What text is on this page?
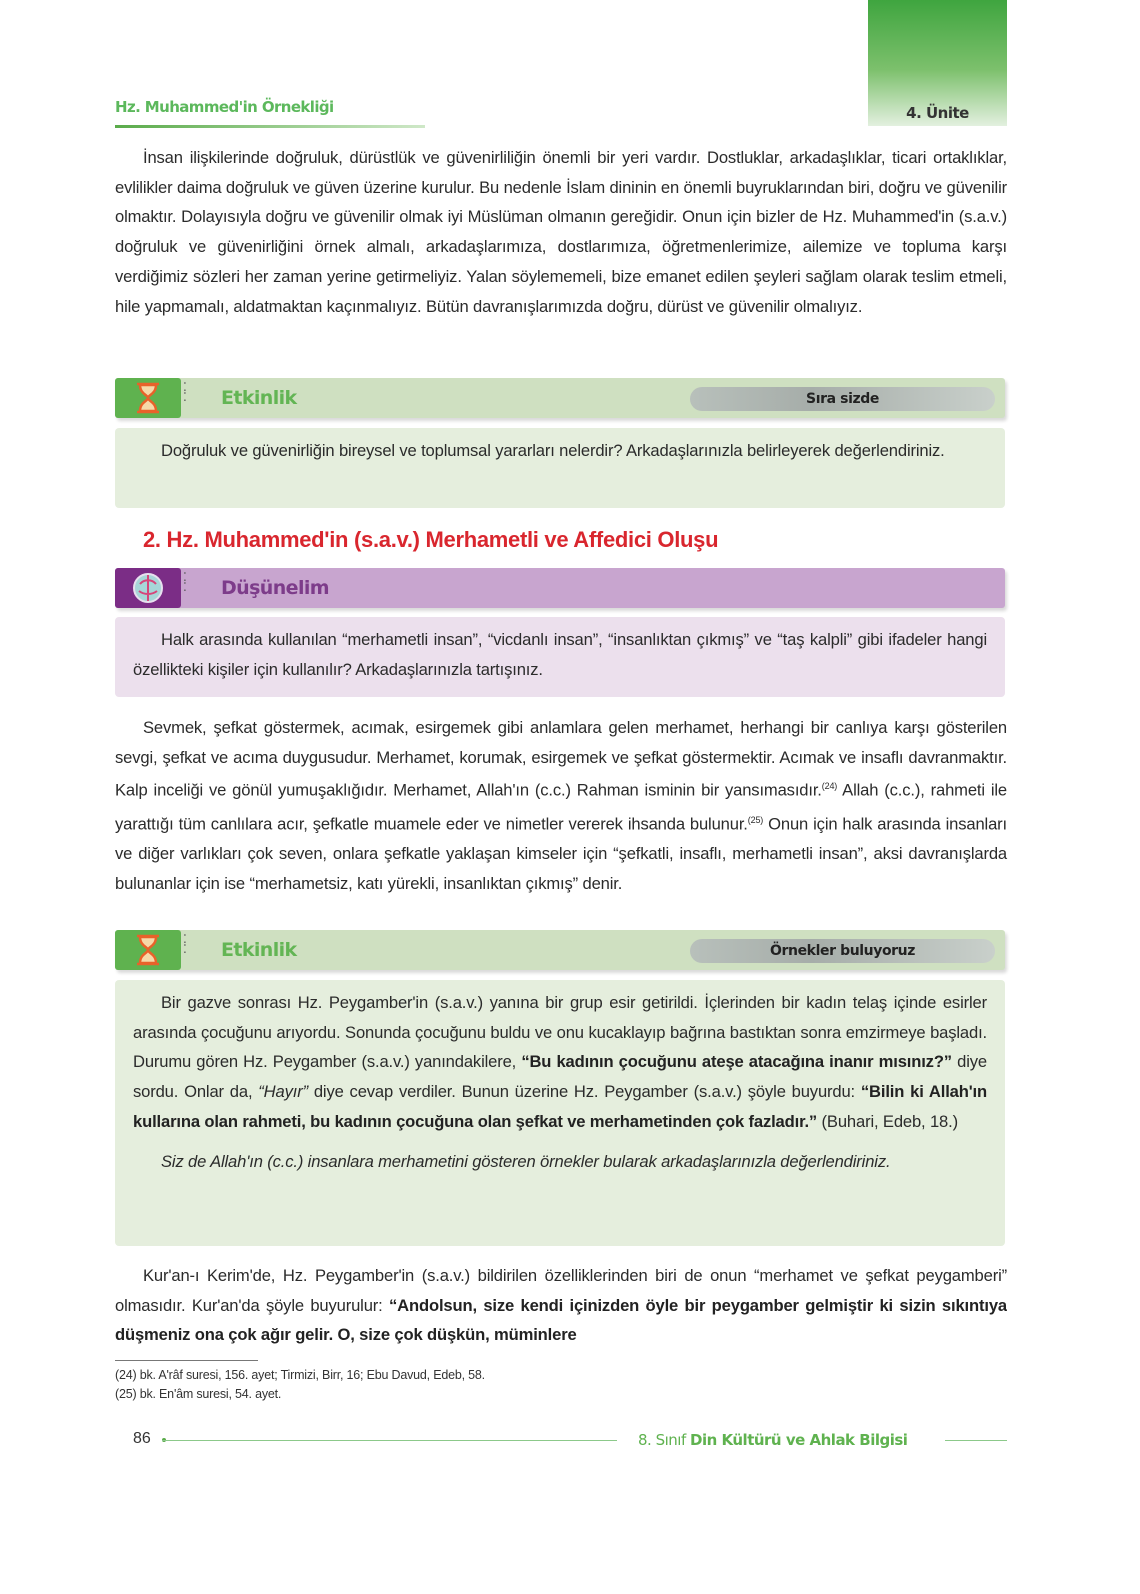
4. Ünite
Hz. Muhammed'in Örnekliği

İnsan ilişkilerinde doğruluk, dürüstlük ve güvenirliliğin önemli bir yeri vardır. Dostluklar, arkadaşlıklar, ticari ortaklıklar, evlilikler daima doğruluk ve güven üzerine kurulur. Bu nedenle İslam dininin en önemli buyruklarından biri, doğru ve güvenilir olmaktır. Dolayısıyla doğru ve güvenilir olmak iyi Müslüman olmanın gereğidir. Onun için bizler de Hz. Muhammed'in (s.a.v.) doğruluk ve güvenirliğini örnek almalı, arkadaşlarımıza, dostlarımıza, öğretmenlerimize, ailemize ve topluma karşı verdiğimiz sözleri her zaman yerine getirmeliyiz. Yalan söylememeli, bize emanet edilen şeyleri sağlam olarak teslim etmeli, hile yapmamalı, aldatmaktan kaçınmalıyız. Bütün davranışlarımızda doğru, dürüst ve güvenilir olmalıyız.

⁚
⁚ Etkinlik	Sıra sizde

Doğruluk ve güvenirliğin bireysel ve toplumsal yararları nelerdir? Arkadaşlarınızla belirleyerek değerlendiriniz.

2. Hz. Muhammed'in (s.a.v.) Merhametli ve Affedici Oluşu
⁚
⁚ Düşünelim

Halk arasında kullanılan “merhametli insan”, “vicdanlı insan”, “insanlıktan çıkmış” ve “taş kalpli” gibi ifadeler hangi özellikteki kişiler için kullanılır? Arkadaşlarınızla tartışınız.

Sevmek, şefkat göstermek, acımak, esirgemek gibi anlamlara gelen merhamet, herhangi bir canlıya karşı gösterilen sevgi, şefkat ve acıma duygusudur. Merhamet, korumak, esirgemek ve şefkat göstermektir. Acımak ve insaflı davranmaktır. Kalp inceliği ve gönül yumuşaklığıdır. Merhamet, Allah'ın (c.c.) Rahman isminin bir yansımasıdır.$^{(24)}$ Allah (c.c.), rahmeti ile yarattığı tüm canlılara acır, şefkatle muamele eder ve nimetler vererek ihsanda bulunur.$^{(25)}$ Onun için halk arasında insanları ve diğer varlıkları çok seven, onlara şefkatle yaklaşan kimseler için “şefkatli, insaflı, merhametli insan”, aksi davranışlarda bulunanlar için ise “merhametsiz, katı yürekli, insanlıktan çıkmış” denir.

⁚
⁚ Etkinlik	Örnekler buluyoruz

Bir gazve sonrası Hz. Peygamber'in (s.a.v.) yanına bir grup esir getirildi. İçlerinden bir kadın telaş içinde esirler arasında çocuğunu arıyordu. Sonunda çocuğunu buldu ve onu kucaklayıp bağrına bastıktan sonra emzirmeye başladı. Durumu gören Hz. Peygamber (s.a.v.) yanındakilere, “Bu kadının çocuğunu ateşe atacağına inanır mısınız?” diye sordu. Onlar da, “Hayır” diye cevap verdiler. Bunun üzerine Hz. Peygamber (s.a.v.) şöyle buyurdu: “Bilin ki Allah'ın kullarına olan rahmeti, bu kadının çocuğuna olan şefkat ve merhametinden çok fazladır.” (Buhari, Edeb, 18.)

Siz de Allah'ın (c.c.) insanlara merhametini gösteren örnekler bularak arkadaşlarınızla değerlendiriniz.

Kur'an-ı Kerim'de, Hz. Peygamber'in (s.a.v.) bildirilen özelliklerinden biri de onun “merhamet ve şefkat peygamberi” olmasıdır. Kur'an'da şöyle buyurulur: “Andolsun, size kendi içinizden öyle bir peygamber gelmiştir ki sizin sıkıntıya düşmeniz ona çok ağır gelir. O, size çok düşkün, müminlere

(24) bk. A'râf suresi, 156. ayet; Tirmizi, Birr, 16; Ebu Davud, Edeb, 58.
(25) bk. En'âm suresi, 54. ayet.
86	8. Sınıf Din Kültürü ve Ahlak Bilgisi
